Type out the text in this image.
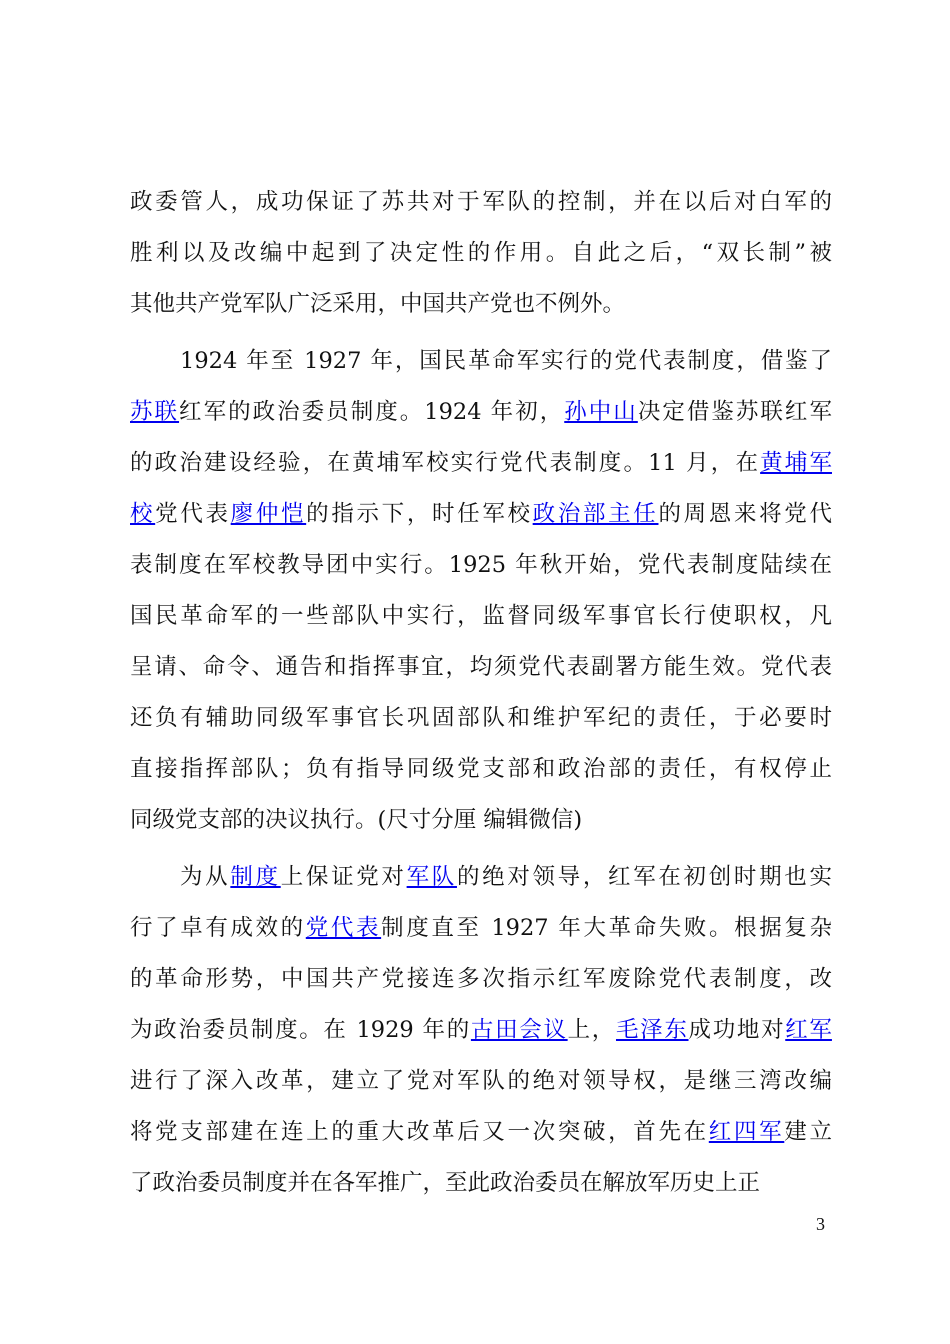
政委管人，成功保证了苏共对于军队的控制，并在以后对白军的
胜利以及改编中起到了决定性的作用。自此之后，“双长制”被
其他共产党军队广泛采用，中国共产党也不例外。
1924 年至 1927 年，国民革命军实行的党代表制度，借鉴了
苏联红军的政治委员制度。1924 年初，孙中山决定借鉴苏联红军
的政治建设经验，在黄埔军校实行党代表制度。11 月，在黄埔军
校党代表廖仲恺的指示下，时任军校政治部主任的周恩来将党代
表制度在军校教导团中实行。1925 年秋开始，党代表制度陆续在
国民革命军的一些部队中实行，监督同级军事官长行使职权，凡
呈请、命令、通告和指挥事宜，均须党代表副署方能生效。党代表
还负有辅助同级军事官长巩固部队和维护军纪的责任，于必要时
直接指挥部队；负有指导同级党支部和政治部的责任，有权停止
同级党支部的决议执行。(尺寸分厘 编辑微信)
为从制度上保证党对军队的绝对领导，红军在初创时期也实
行了卓有成效的党代表制度直至 1927 年大革命失败。根据复杂
的革命形势，中国共产党接连多次指示红军废除党代表制度，改
为政治委员制度。在 1929 年的古田会议上，毛泽东成功地对红军
进行了深入改革，建立了党对军队的绝对领导权，是继三湾改编
将党支部建在连上的重大改革后又一次突破，首先在红四军建立
了政治委员制度并在各军推广，至此政治委员在解放军历史上正
3
